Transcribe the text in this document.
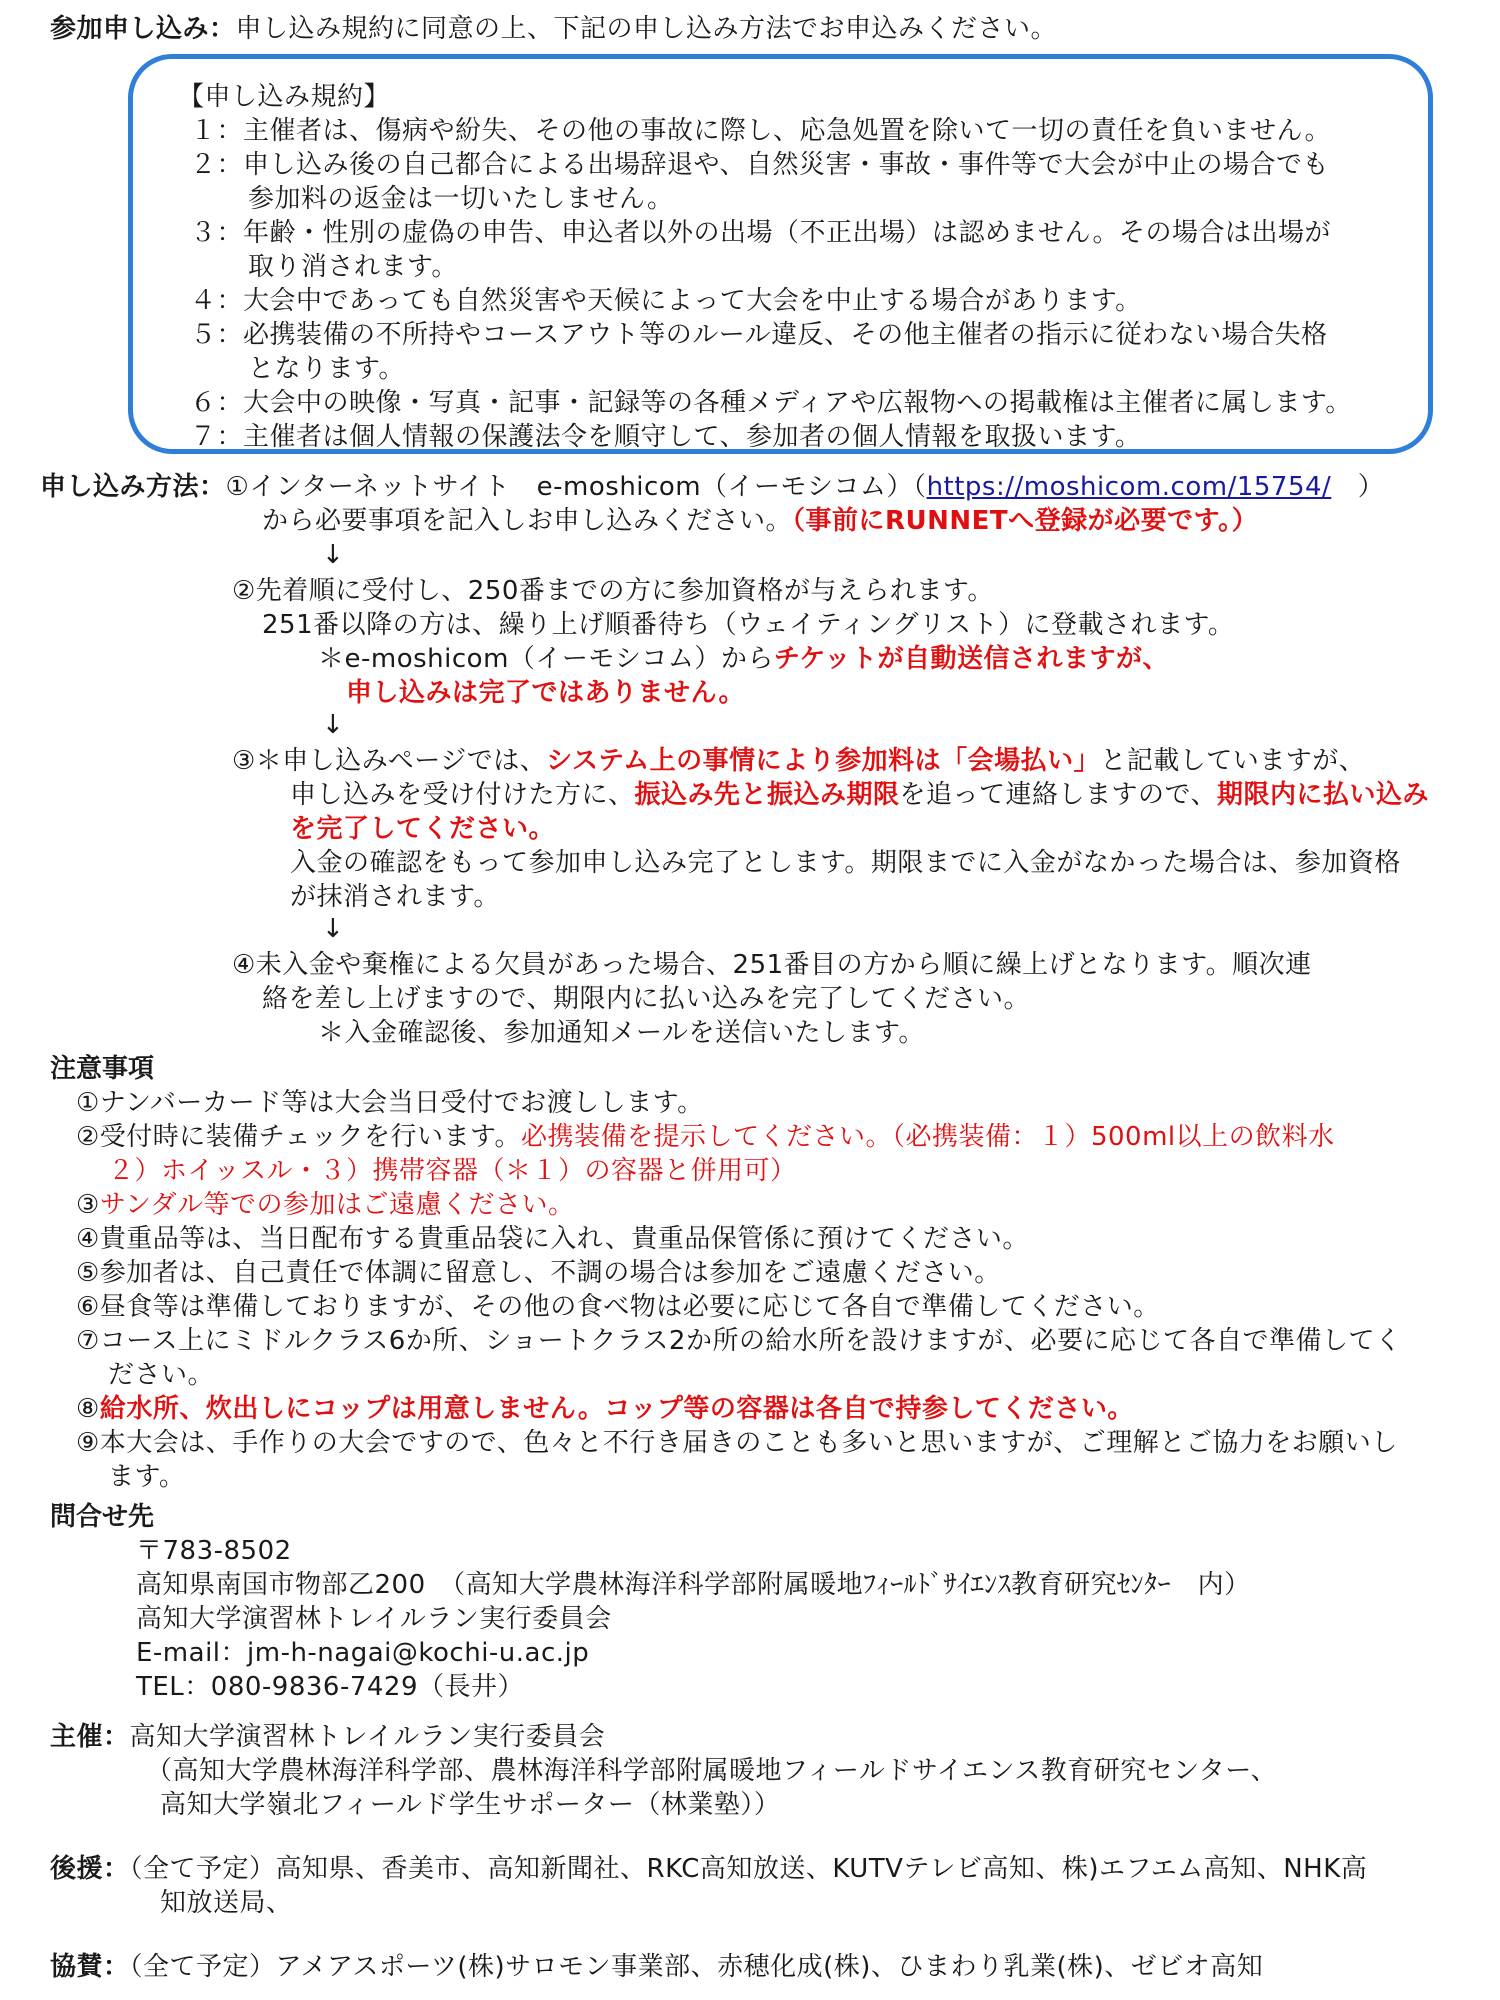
参加申し込み：申し込み規約に同意の上、下記の申し込み方法でお申込みください。
【申し込み規約】
１：主催者は、傷病や紛失、その他の事故に際し、応急処置を除いて一切の責任を負いません。
２：申し込み後の自己都合による出場辞退や、自然災害・事故・事件等で大会が中止の場合でも
参加料の返金は一切いたしません。
３：年齢・性別の虚偽の申告、申込者以外の出場（不正出場）は認めません。その場合は出場が
取り消されます。
４：大会中であっても自然災害や天候によって大会を中止する場合があります。
５：必携装備の不所持やコースアウト等のルール違反、その他主催者の指示に従わない場合失格
となります。
６：大会中の映像・写真・記事・記録等の各種メディアや広報物への掲載権は主催者に属します。
７：主催者は個人情報の保護法令を順守して、参加者の個人情報を取扱います。
申し込み方法：①インターネットサイト　e-moshicom（イーモシコム）（https://moshicom.com/15754/　）
から必要事項を記入しお申し込みください。（事前にRUNNETへ登録が必要です。）
↓
②先着順に受付し、250番までの方に参加資格が与えられます。
251番以降の方は、繰り上げ順番待ち（ウェイティングリスト）に登載されます。
＊e-moshicom（イーモシコム）からチケットが自動送信されますが、
申し込みは完了ではありません。
↓
③＊申し込みページでは、システム上の事情により参加料は「会場払い」と記載していますが、
申し込みを受け付けた方に、振込み先と振込み期限を追って連絡しますので、期限内に払い込み
を完了してください。
入金の確認をもって参加申し込み完了とします。期限までに入金がなかった場合は、参加資格
が抹消されます。
↓
④未入金や棄権による欠員があった場合、251番目の方から順に繰上げとなります。順次連
絡を差し上げますので、期限内に払い込みを完了してください。
＊入金確認後、参加通知メールを送信いたします。
注意事項
①ナンバーカード等は大会当日受付でお渡しします。
②受付時に装備チェックを行います。必携装備を提示してください。（必携装備：１）500ml以上の飲料水
２）ホイッスル・３）携帯容器（＊１）の容器と併用可）
③サンダル等での参加はご遠慮ください。
④貴重品等は、当日配布する貴重品袋に入れ、貴重品保管係に預けてください。
⑤参加者は、自己責任で体調に留意し、不調の場合は参加をご遠慮ください。
⑥昼食等は準備しておりますが、その他の食べ物は必要に応じて各自で準備してください。
⑦コース上にミドルクラス6か所、ショートクラス2か所の給水所を設けますが、必要に応じて各自で準備してく
ださい。
⑧給水所、炊出しにコップは用意しません。コップ等の容器は各自で持参してください。
⑨本大会は、手作りの大会ですので、色々と不行き届きのことも多いと思いますが、ご理解とご協力をお願いし
ます。
問合せ先
〒783-8502
高知県南国市物部乙200　（高知大学農林海洋科学部附属暖地ﾌｨｰﾙﾄﾞｻｲｴﾝｽ教育研究ｾﾝﾀｰ　内）
高知大学演習林トレイルラン実行委員会
E-mail：jm-h-nagai@kochi-u.ac.jp
TEL：080-9836-7429（長井）
主催：高知大学演習林トレイルラン実行委員会
（高知大学農林海洋科学部、農林海洋科学部附属暖地フィールドサイエンス教育研究センター、
高知大学嶺北フィールド学生サポーター（林業塾））
後援：（全て予定）高知県、香美市、高知新聞社、RKC高知放送、KUTVテレビ高知、株)エフエム高知、NHK高
知放送局、
協賛：（全て予定）アメアスポーツ(株)サロモン事業部、赤穂化成(株)、ひまわり乳業(株)、ゼビオ高知
